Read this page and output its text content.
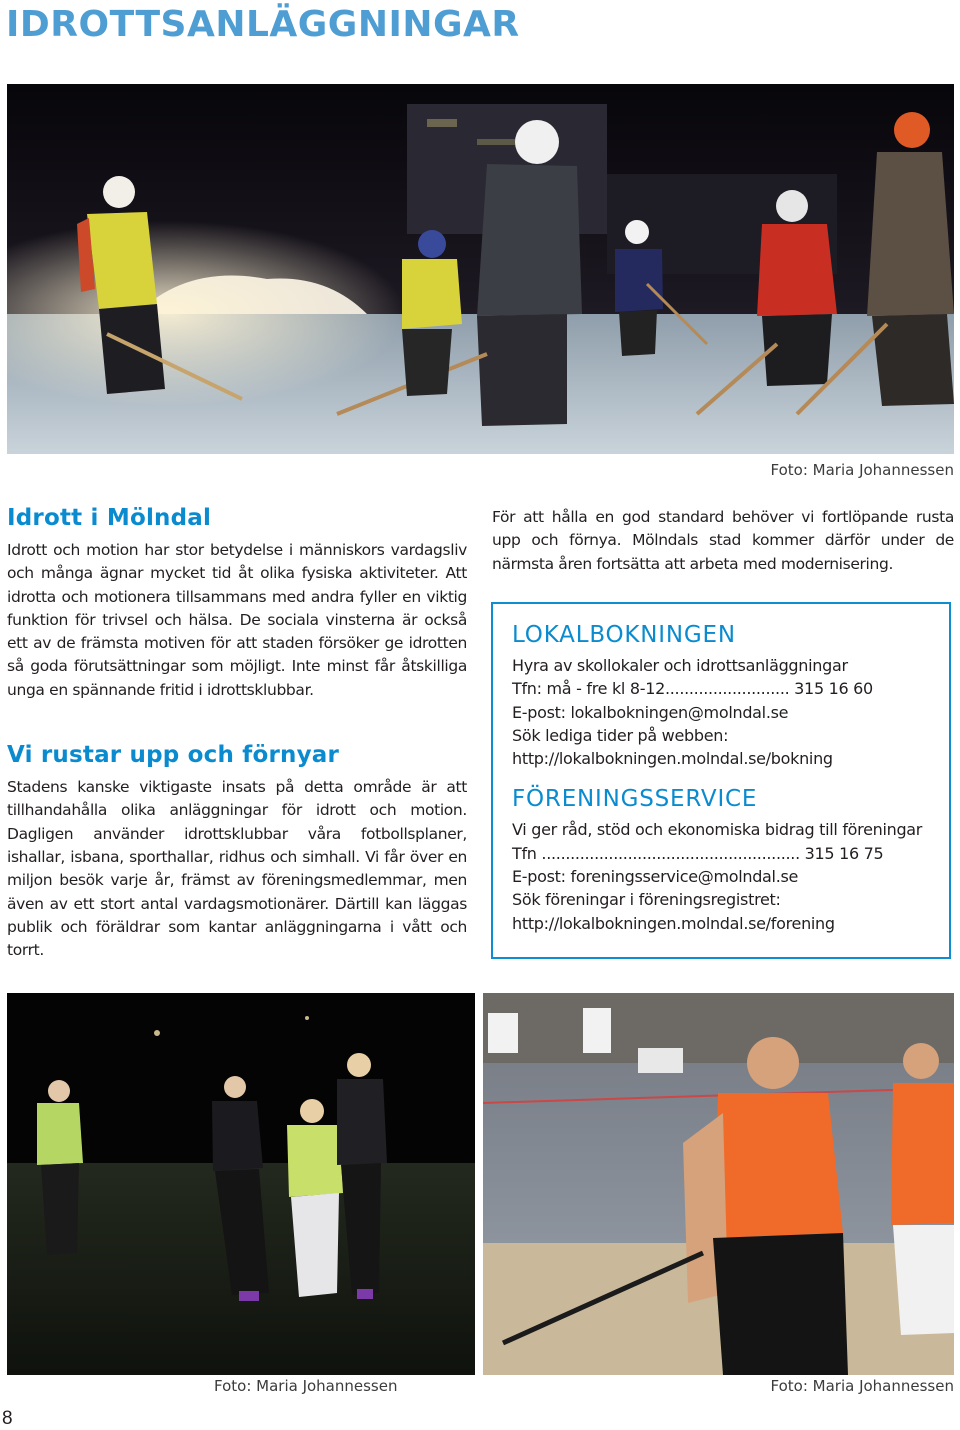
IDROTTSANLÄGGNINGAR
Foto: Maria Johannessen
Idrott i Mölndal

Idrott och motion har stor betydelse i människors vardagsliv och många ägnar mycket tid åt olika fysiska aktiviteter. Att idrotta och motionera tillsammans med andra fyller en viktig funktion för trivsel och hälsa. De sociala vinsterna är också ett av de främsta motiven för att staden försöker ge idrotten så goda förutsättningar som möjligt. Inte minst får åtskilliga unga en spännande fritid i idrottsklubbar.

Vi rustar upp och förnyar

Stadens kanske viktigaste insats på detta område är att tillhandahålla olika anläggningar för idrott och motion. Dagligen använder idrottsklubbar våra fotbollsplaner, ishallar, isbana, sporthallar, ridhus och simhall. Vi får över en miljon besök varje år, främst av föreningsmedlemmar, men även av ett stort antal vardagsmotionärer. Därtill kan läggas publik och föräldrar som kantar anläggningarna i vått och torrt.

För att hålla en god standard behöver vi fortlöpande rusta upp och förnya. Mölndals stad kommer därför under de närmsta åren fortsätta att arbeta med modernisering.

LOKALBOKNINGEN
Hyra av skollokaler och idrottsanläggningar
Tfn: må - fre kl 8-12.......................... 315 16 60
E-post: lokalbokningen@molndal.se
Sök lediga tider på webben:
http://lokalbokningen.molndal.se/bokning
FÖRENINGSSERVICE
Vi ger råd, stöd och ekonomiska bidrag till föreningar
Tfn ...................................................... 315 16 75
E-post: foreningsservice@molndal.se
Sök föreningar i föreningsregistret:
http://lokalbokningen.molndal.se/forening
Foto: Maria Johannessen	Foto: Maria Johannessen
8
